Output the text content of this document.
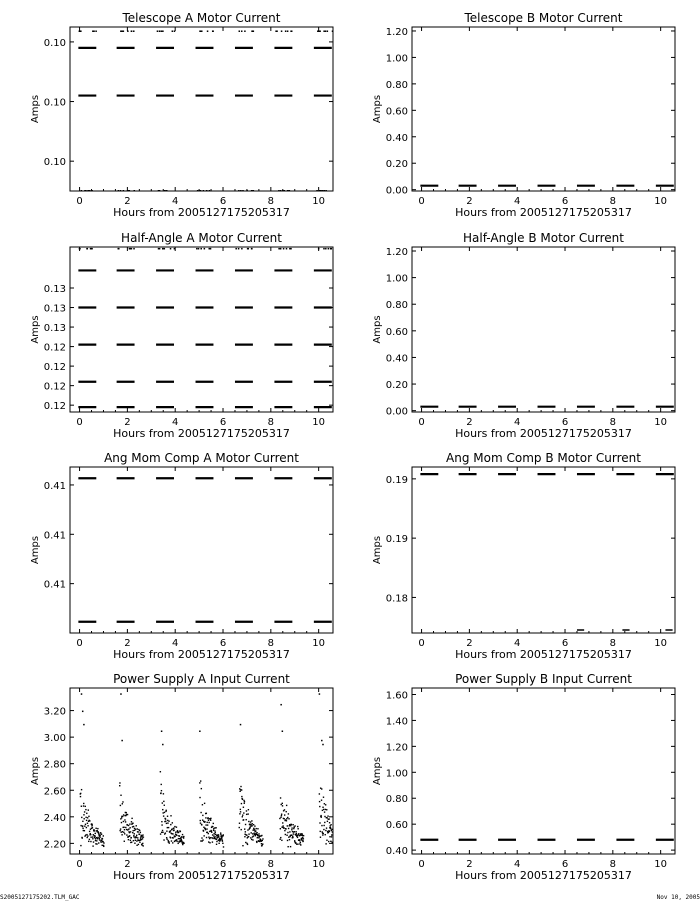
Telescope A Motor Current
0	2	4	6	8	10
Hours from 2005127175205317
0.10
0.10
0.10
Amps
Telescope B Motor Current
0	2	4	6	8	10
Hours from 2005127175205317
0.00
0.20
0.40
0.60
0.80
1.00
1.20
Amps
Half-Angle A Motor Current
0	2	4	6	8	10
Hours from 2005127175205317
0.12
0.12
0.12
0.12
0.13
0.13
0.13
Amps
Half-Angle B Motor Current
0	2	4	6	8	10
Hours from 2005127175205317
0.00
0.20
0.40
0.60
0.80
1.00
1.20
Amps
Ang Mom Comp A Motor Current
0	2	4	6	8	10
Hours from 2005127175205317
0.41
0.41
0.41
Amps
Ang Mom Comp B Motor Current
0	2	4	6	8	10
Hours from 2005127175205317
0.18
0.19
0.19
Amps
Power Supply A Input Current
0	2	4	6	8	10
Hours from 2005127175205317
2.20
2.40
2.60
2.80
3.00
3.20
Amps
Power Supply B Input Current
0	2	4	6	8	10
Hours from 2005127175205317
0.40
0.60
0.80
1.00
1.20
1.40
1.60
Amps
S2005127175202.TLM_GAC	Nov 10, 2005
